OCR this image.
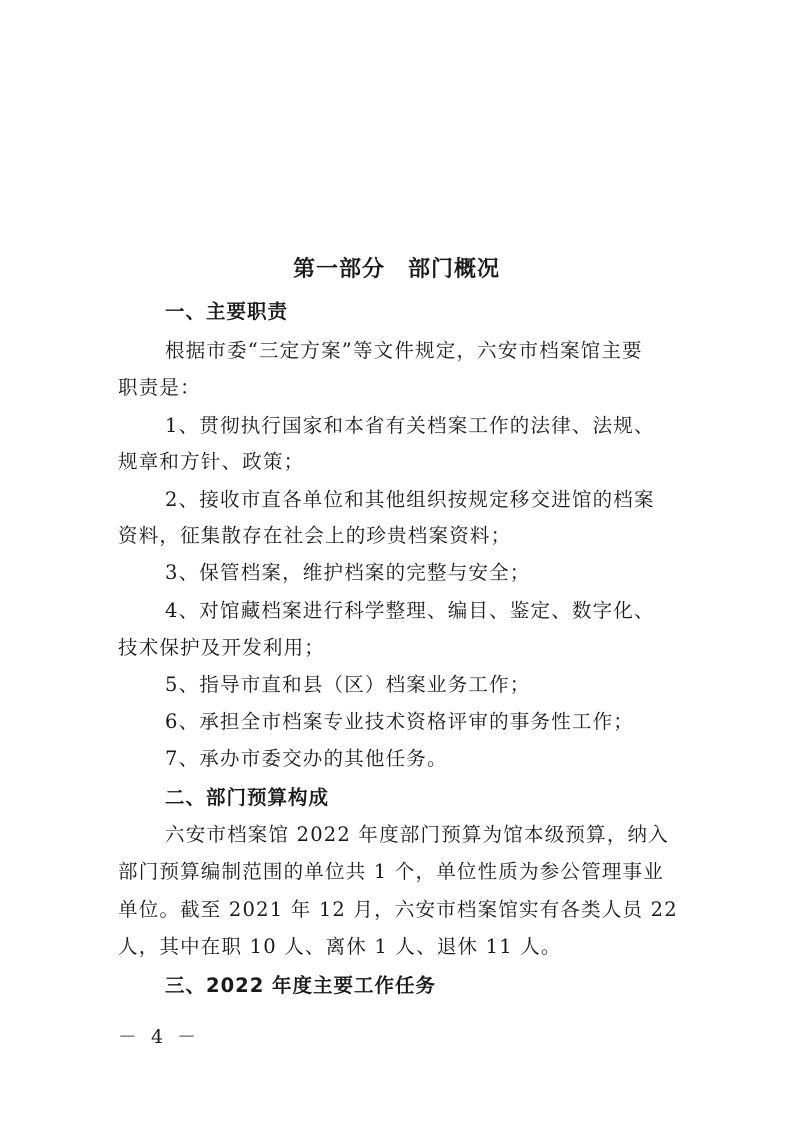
第一部分　部门概况
一、主要职责
根据市委“三定方案”等文件规定，六安市档案馆主要
职责是：
1、贯彻执行国家和本省有关档案工作的法律、法规、
规章和方针、政策；
2、接收市直各单位和其他组织按规定移交进馆的档案
资料，征集散存在社会上的珍贵档案资料；
3、保管档案，维护档案的完整与安全；
4、对馆藏档案进行科学整理、编目、鉴定、数字化、
技术保护及开发利用；
5、指导市直和县（区）档案业务工作；
6、承担全市档案专业技术资格评审的事务性工作；
7、承办市委交办的其他任务。
二、部门预算构成
六安市档案馆 2022 年度部门预算为馆本级预算，纳入
部门预算编制范围的单位共 1 个，单位性质为参公管理事业
单位。截至 2021 年 12 月，六安市档案馆实有各类人员 22
人，其中在职 10 人、离休 1 人、退休 11 人。
三、2022 年度主要工作任务
－ 4 －
